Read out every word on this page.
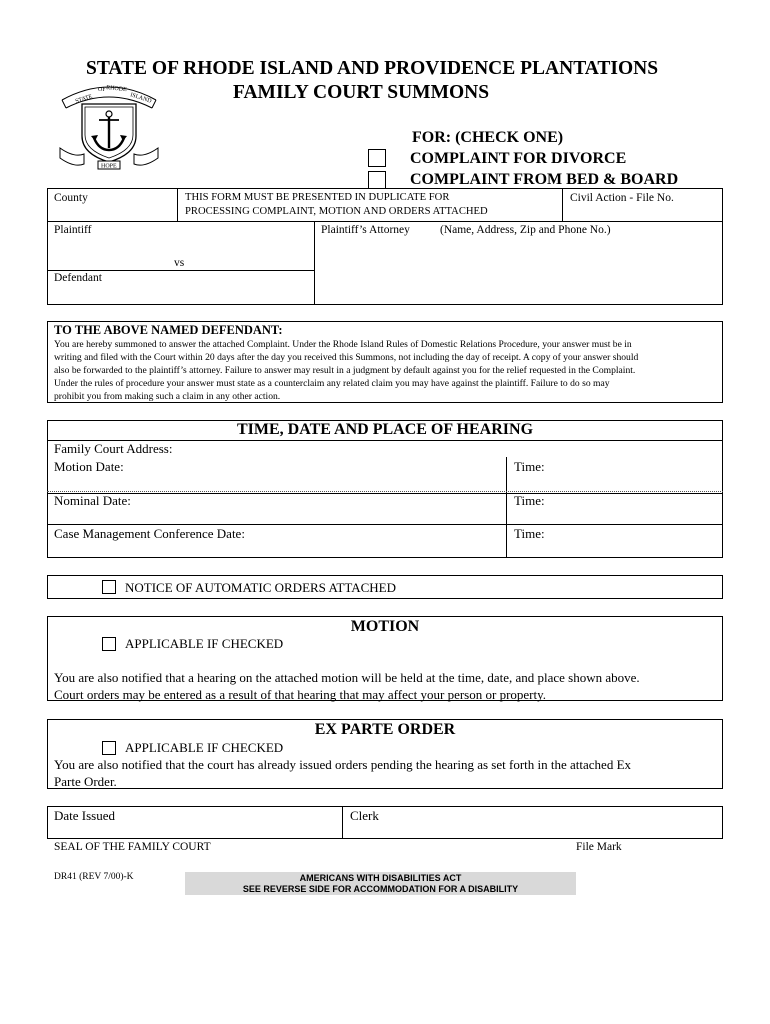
STATE OF RHODE ISLAND AND PROVIDENCE PLANTATIONS
FAMILY COURT SUMMONS
STATE
OF RHODE
ISLAND
HOPE
FOR: (CHECK ONE)
COMPLAINT FOR DIVORCE
COMPLAINT FROM BED & BOARD
County	THIS FORM MUST BE PRESENTED IN DUPLICATE FOR
PROCESSING COMPLAINT, MOTION AND ORDERS ATTACHED
Civil Action - File No.
Plaintiff
vs
Defendant
Plaintiff’s Attorney	(Name, Address, Zip and Phone No.)
TO THE ABOVE NAMED DEFENDANT:
You are hereby summoned to answer the attached Complaint. Under the Rhode Island Rules of Domestic Relations Procedure, your answer must be in
writing and filed with the Court within 20 days after the day you received this Summons, not including the day of receipt. A copy of your answer should
also be forwarded to the plaintiff’s attorney. Failure to answer may result in a judgment by default against you for the relief requested in the Complaint.
Under the rules of procedure your answer must state as a counterclaim any related claim you may have against the plaintiff. Failure to do so may
prohibit you from making such a claim in any other action.
TIME, DATE AND PLACE OF HEARING
Family Court Address:
Motion Date:	Time:
Nominal Date:	Time:
Case Management Conference Date:	Time:
NOTICE OF AUTOMATIC ORDERS ATTACHED
MOTION
APPLICABLE IF CHECKED
You are also notified that a hearing on the attached motion will be held at the time, date, and place shown above.
Court orders may be entered as a result of that hearing that may affect your person or property.
EX PARTE ORDER
APPLICABLE IF CHECKED
You are also notified that the court has already issued orders pending the hearing as set forth in the attached Ex
Parte Order.
Date Issued	Clerk
SEAL OF THE FAMILY COURT	File Mark
DR41 (REV 7/00)-K	AMERICANS WITH DISABILITIES ACT
SEE REVERSE SIDE FOR ACCOMMODATION FOR A DISABILITY
